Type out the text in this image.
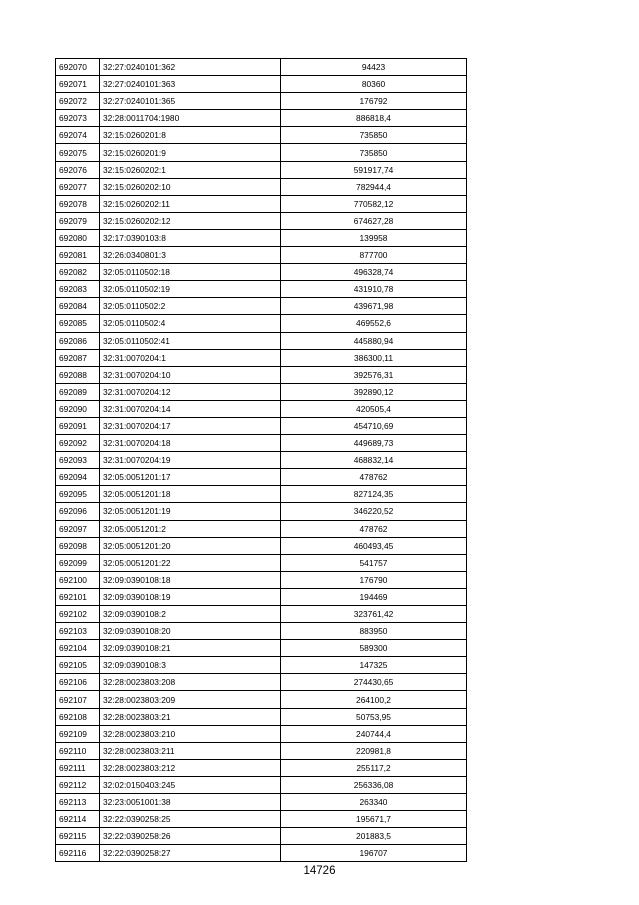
692070	32:27:0240101:362	94423
692071	32:27:0240101:363	80360
692072	32:27:0240101:365	176792
692073	32:28:0011704:1980	886818,4
692074	32:15:0260201:8	735850
692075	32:15:0260201:9	735850
692076	32:15:0260202:1	591917,74
692077	32:15:0260202:10	782944,4
692078	32:15:0260202:11	770582,12
692079	32:15:0260202:12	674627,28
692080	32:17:0390103:8	139958
692081	32:26:0340801:3	877700
692082	32:05:0110502:18	496328,74
692083	32:05:0110502:19	431910,78
692084	32:05:0110502:2	439671,98
692085	32:05:0110502:4	469552,6
692086	32:05:0110502:41	445880,94
692087	32:31:0070204:1	386300,11
692088	32:31:0070204:10	392576,31
692089	32:31:0070204:12	392890,12
692090	32:31:0070204:14	420505,4
692091	32:31:0070204:17	454710,69
692092	32:31:0070204:18	449689,73
692093	32:31:0070204:19	468832,14
692094	32:05:0051201:17	478762
692095	32:05:0051201:18	827124,35
692096	32:05:0051201:19	346220,52
692097	32:05:0051201:2	478762
692098	32:05:0051201:20	460493,45
692099	32:05:0051201:22	541757
692100	32:09:0390108:18	176790
692101	32:09:0390108:19	194469
692102	32:09:0390108:2	323761,42
692103	32:09:0390108:20	883950
692104	32:09:0390108:21	589300
692105	32:09:0390108:3	147325
692106	32:28:0023803:208	274430,65
692107	32:28:0023803:209	264100,2
692108	32:28:0023803:21	50753,95
692109	32:28:0023803:210	240744,4
692110	32:28:0023803:211	220981,8
692111	32:28:0023803:212	255117,2
692112	32:02:0150403:245	256336,08
692113	32:23:0051001:38	263340
692114	32:22:0390258:25	195671,7
692115	32:22:0390258:26	201883,5
692116	32:22:0390258:27	196707
14726
